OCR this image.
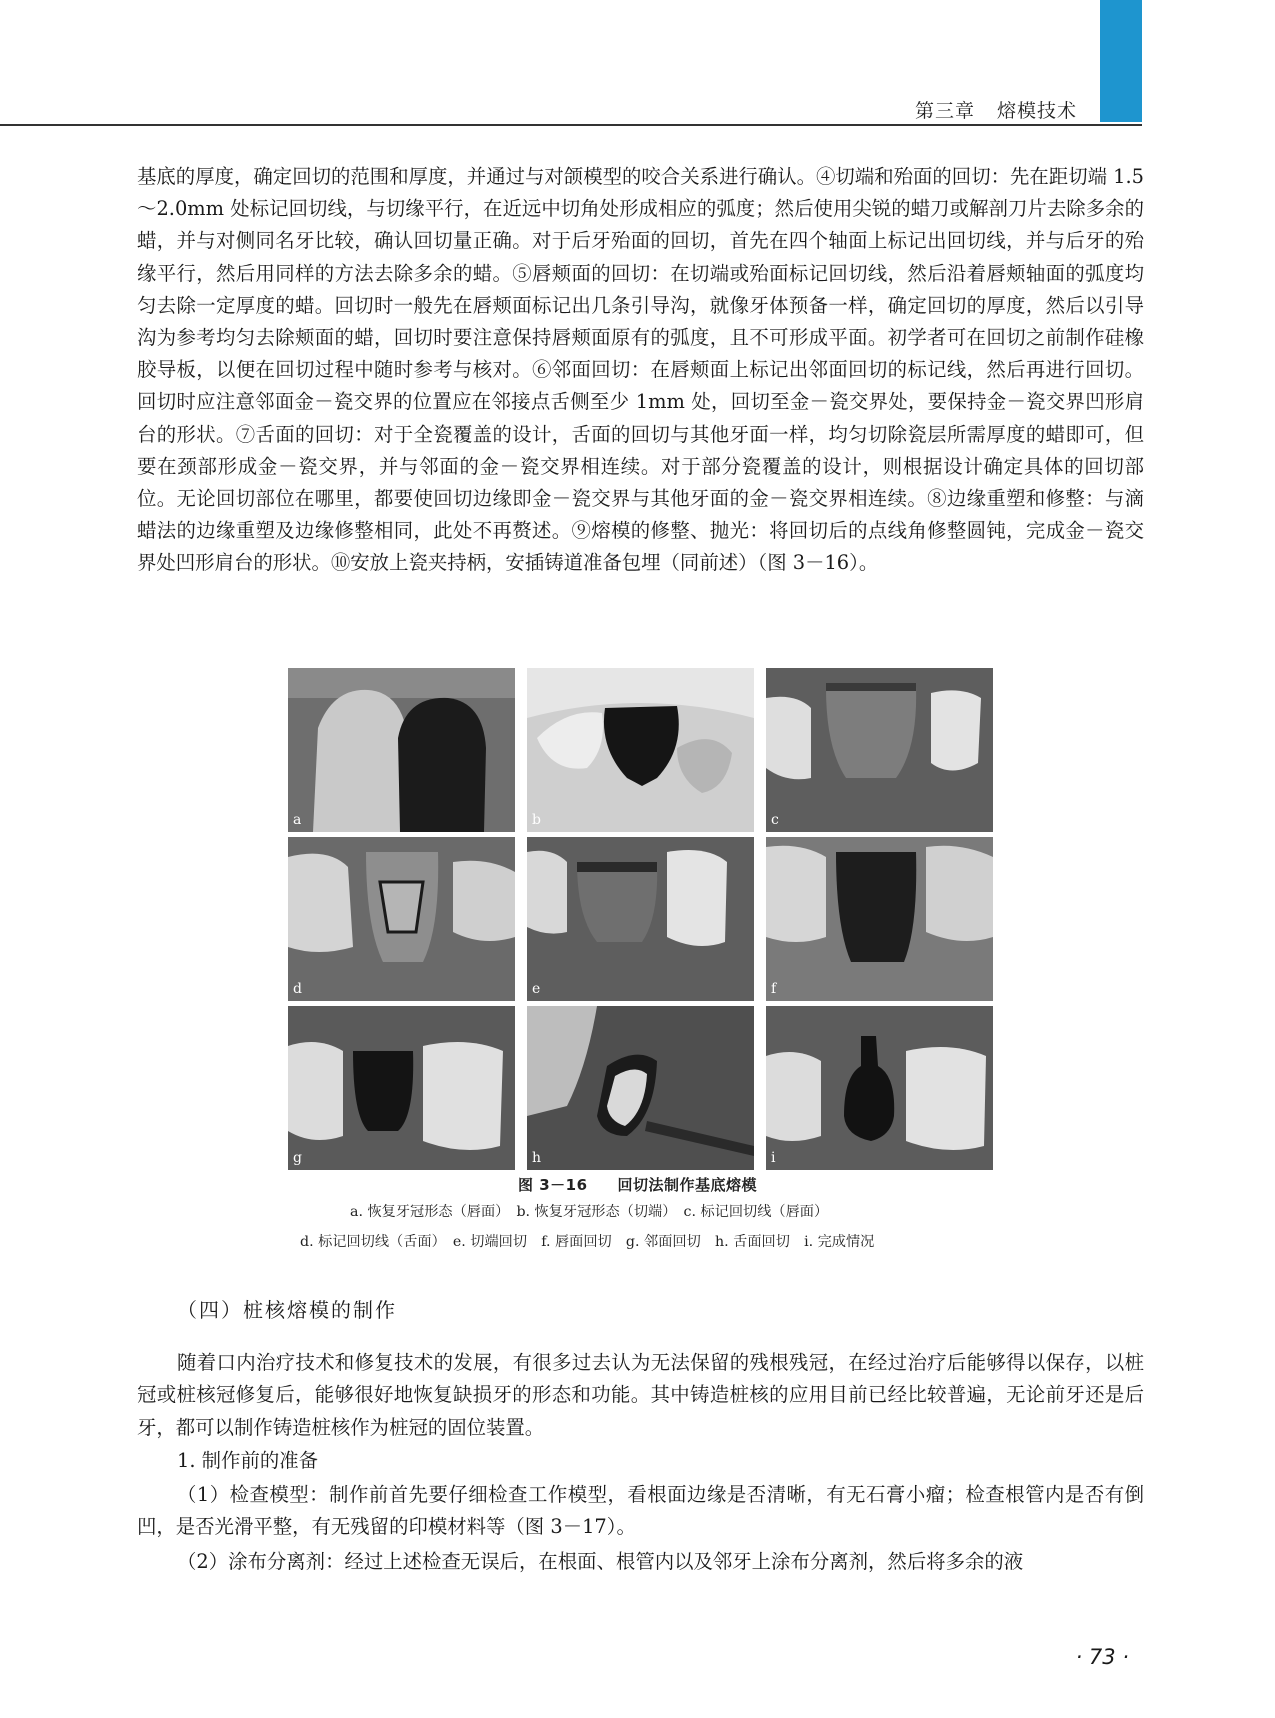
第三章 熔模技术

基底的厚度，确定回切的范围和厚度，并通过与对颌模型的咬合关系进行确认。④切端和殆面的回切：先在距切端 1.5～2.0mm 处标记回切线，与切缘平行，在近远中切角处形成相应的弧度；然后使用尖锐的蜡刀或解剖刀片去除多余的蜡，并与对侧同名牙比较，确认回切量正确。对于后牙殆面的回切，首先在四个轴面上标记出回切线，并与后牙的殆缘平行，然后用同样的方法去除多余的蜡。⑤唇颊面的回切：在切端或殆面标记回切线，然后沿着唇颊轴面的弧度均匀去除一定厚度的蜡。回切时一般先在唇颊面标记出几条引导沟，就像牙体预备一样，确定回切的厚度，然后以引导沟为参考均匀去除颊面的蜡，回切时要注意保持唇颊面原有的弧度，且不可形成平面。初学者可在回切之前制作硅橡胶导板，以便在回切过程中随时参考与核对。⑥邻面回切：在唇颊面上标记出邻面回切的标记线，然后再进行回切。回切时应注意邻面金－瓷交界的位置应在邻接点舌侧至少 1mm 处，回切至金－瓷交界处，要保持金－瓷交界凹形肩台的形状。⑦舌面的回切：对于全瓷覆盖的设计，舌面的回切与其他牙面一样，均匀切除瓷层所需厚度的蜡即可，但要在颈部形成金－瓷交界，并与邻面的金－瓷交界相连续。对于部分瓷覆盖的设计，则根据设计确定具体的回切部位。无论回切部位在哪里，都要使回切边缘即金－瓷交界与其他牙面的金－瓷交界相连续。⑧边缘重塑和修整：与滴蜡法的边缘重塑及边缘修整相同，此处不再赘述。⑨熔模的修整、抛光：将回切后的点线角修整圆钝，完成金－瓷交界处凹形肩台的形状。⑩安放上瓷夹持柄，安插铸道准备包埋（同前述）（图 3－16）。

a	b	c
d	e	f
g	h	i
图 3－16 回切法制作基底熔模

a. 恢复牙冠形态（唇面）　b. 恢复牙冠形态（切端）　c. 标记回切线（唇面）

d. 标记回切线（舌面）　e. 切端回切　f. 唇面回切　g. 邻面回切　h. 舌面回切　i. 完成情况

（四）桩核熔模的制作

随着口内治疗技术和修复技术的发展，有很多过去认为无法保留的残根残冠，在经过治疗后能够得以保存，以桩冠或桩核冠修复后，能够很好地恢复缺损牙的形态和功能。其中铸造桩核的应用目前已经比较普遍，无论前牙还是后牙，都可以制作铸造桩核作为桩冠的固位装置。

1. 制作前的准备

（1）检查模型：制作前首先要仔细检查工作模型，看根面边缘是否清晰，有无石膏小瘤；检查根管内是否有倒凹，是否光滑平整，有无残留的印模材料等（图 3－17）。

（2）涂布分离剂：经过上述检查无误后，在根面、根管内以及邻牙上涂布分离剂，然后将多余的液

· 73 ·
